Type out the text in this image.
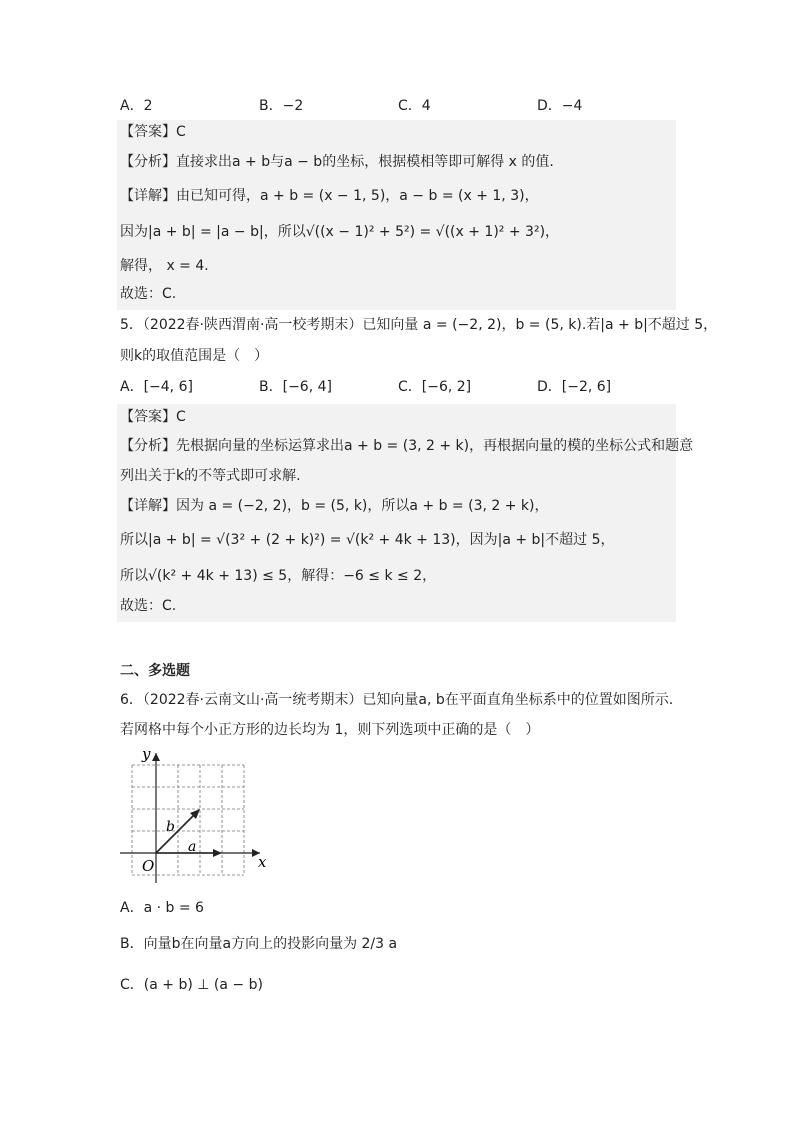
A．2	B．−2	C．4	D．−4
【答案】C
【分析】直接求出a + b与a − b的坐标，根据模相等即可解得 x 的值.
【详解】由已知可得，a + b = (x − 1, 5)，a − b = (x + 1, 3)，
因为|a + b| = |a − b|，所以√((x − 1)² + 5²) = √((x + 1)² + 3²)，
解得， x = 4.
故选：C.
5．（2022春·陕西渭南·高一校考期末）已知向量 a = (−2, 2)，b = (5, k).若|a + b|不超过 5，
则k的取值范围是（　）
A．[−4, 6]	B．[−6, 4]	C．[−6, 2]	D．[−2, 6]
【答案】C
【分析】先根据向量的坐标运算求出a + b = (3, 2 + k)，再根据向量的模的坐标公式和题意
列出关于k的不等式即可求解.
【详解】因为 a = (−2, 2)，b = (5, k)，所以a + b = (3, 2 + k)，
所以|a + b| = √(3² + (2 + k)²) = √(k² + 4k + 13)，因为|a + b|不超过 5，
所以√(k² + 4k + 13) ≤ 5，解得：−6 ≤ k ≤ 2，
故选：C.
二、多选题
6．（2022春·云南文山·高一统考期末）已知向量a, b在平面直角坐标系中的位置如图所示.
若网格中每个小正方形的边长均为 1，则下列选项中正确的是（　）
x
y
O
a
b
A．a · b = 6
B．向量b在向量a方向上的投影向量为 2/3 a
C．(a + b) ⊥ (a − b)
